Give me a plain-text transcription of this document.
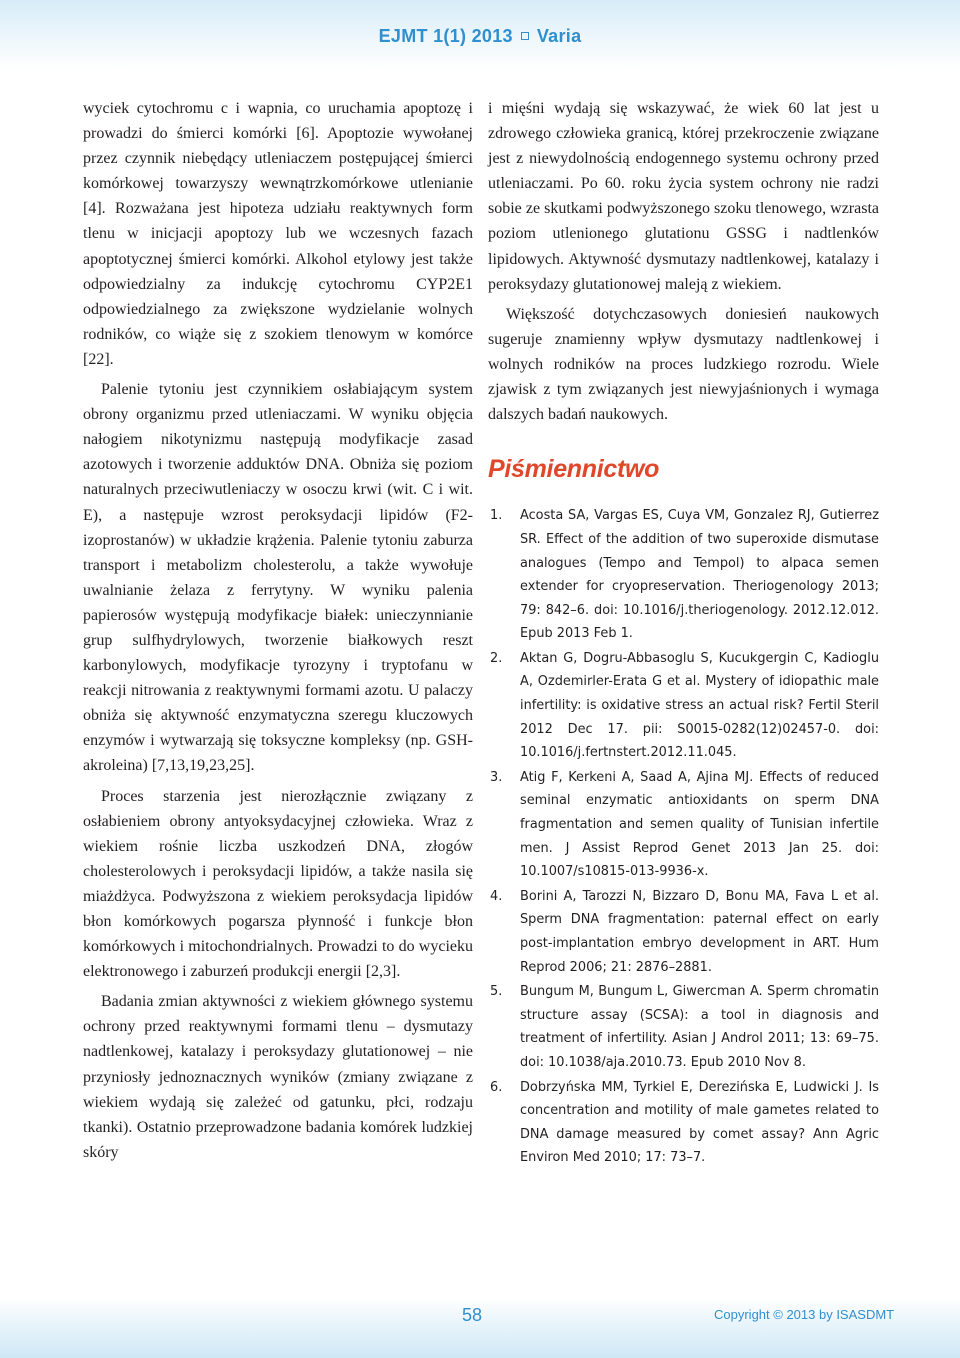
EJMT 1(1) 2013 Varia

wyciek cytochromu c i wapnia, co uruchamia apoptozę i prowadzi do śmierci komórki [6]. Apoptozie wywołanej przez czynnik niebędący utleniaczem postępującej śmierci komórkowej towarzyszy wewnątrzkomórkowe utlenianie [4]. Rozważana jest hipoteza udziału reaktywnych form tlenu w inicjacji apoptozy lub we wczesnych fazach apoptotycznej śmierci komórki. Alkohol etylowy jest także odpowiedzialny za indukcję cytochromu CYP2E1 odpowiedzialnego za zwiększone wydzielanie wolnych rodników, co wiąże się z szokiem tlenowym w komórce [22].

Palenie tytoniu jest czynnikiem osłabiającym system obrony organizmu przed utleniaczami. W wyniku objęcia nałogiem nikotynizmu następują modyfikacje zasad azotowych i tworzenie adduktów DNA. Obniża się poziom naturalnych przeciwutleniaczy w osoczu krwi (wit. C i wit. E), a następuje wzrost peroksydacji lipidów (F2-izoprostanów) w układzie krążenia. Palenie tytoniu zaburza transport i metabolizm cholesterolu, a także wywołuje uwalnianie żelaza z ferrytyny. W wyniku palenia papierosów występują modyfikacje białek: unieczynnianie grup sulfhydrylowych, tworzenie białkowych reszt karbonylowych, modyfikacje tyrozyny i tryptofanu w reakcji nitrowania z reaktywnymi formami azotu. U palaczy obniża się aktywność enzymatyczna szeregu kluczowych enzymów i wytwarzają się toksyczne kompleksy (np. GSH-akroleina) [7,13,19,23,25].

Proces starzenia jest nierozłącznie związany z osłabieniem obrony antyoksydacyjnej człowieka. Wraz z wiekiem rośnie liczba uszkodzeń DNA, złogów cholesterolowych i peroksydacji lipidów, a także nasila się miażdżyca. Podwyższona z wiekiem peroksydacja lipidów błon komórkowych pogarsza płynność i funkcje błon komórkowych i mitochondrialnych. Prowadzi to do wycieku elektronowego i zaburzeń produkcji energii [2,3].

Badania zmian aktywności z wiekiem głównego systemu ochrony przed reaktywnymi formami tlenu – dysmutazy nadtlenkowej, katalazy i peroksydazy glutationowej – nie przyniosły jednoznacznych wyników (zmiany związane z wiekiem wydają się zależeć od gatunku, płci, rodzaju tkanki). Ostatnio przeprowadzone badania komórek ludzkiej skóry

i mięśni wydają się wskazywać, że wiek 60 lat jest u zdrowego człowieka granicą, której przekroczenie związane jest z niewydolnością endogennego systemu ochrony przed utleniaczami. Po 60. roku życia system ochrony nie radzi sobie ze skutkami podwyższonego szoku tlenowego, wzrasta poziom utlenionego glutationu GSSG i nadtlenków lipidowych. Aktywność dysmutazy nadtlenkowej, katalazy i peroksydazy glutationowej maleją z wiekiem.

Większość dotychczasowych doniesień naukowych sugeruje znamienny wpływ dysmutazy nadtlenkowej i wolnych rodników na proces ludzkiego rozrodu. Wiele zjawisk z tym związanych jest niewyjaśnionych i wymaga dalszych badań naukowych.

Piśmiennictwo
1. Acosta SA, Vargas ES, Cuya VM, Gonzalez RJ, Gutierrez SR. Effect of the addition of two superoxide dismutase analogues (Tempo and Tempol) to alpaca semen extender for cryopreservation. Theriogenology 2013; 79: 842–6. doi: 10.1016/j.theriogenology. 2012.12.012. Epub 2013 Feb 1.
2. Aktan G, Dogru-Abbasoglu S, Kucukgergin C, Kadioglu A, Ozdemirler-Erata G et al. Mystery of idiopathic male infertility: is oxidative stress an actual risk? Fertil Steril 2012 Dec 17. pii: S0015-0282(12)02457-0. doi: 10.1016/j.fertnstert.2012.11.045.
3. Atig F, Kerkeni A, Saad A, Ajina MJ. Effects of reduced seminal enzymatic antioxidants on sperm DNA fragmentation and semen quality of Tunisian infertile men. J Assist Reprod Genet 2013 Jan 25. doi: 10.1007/s10815-013-9936-x.
4. Borini A, Tarozzi N, Bizzaro D, Bonu MA, Fava L et al. Sperm DNA fragmentation: paternal effect on early post-implantation embryo development in ART. Hum Reprod 2006; 21: 2876–2881.
5. Bungum M, Bungum L, Giwercman A. Sperm chromatin structure assay (SCSA): a tool in diagnosis and treatment of infertility. Asian J Androl 2011; 13: 69–75. doi: 10.1038/aja.2010.73. Epub 2010 Nov 8.
6. Dobrzyńska MM, Tyrkiel E, Derezińska E, Ludwicki J. Is concentration and motility of male gametes related to DNA damage measured by comet assay? Ann Agric Environ Med 2010; 17: 73–7.
58	Copyright © 2013 by ISASDMT
